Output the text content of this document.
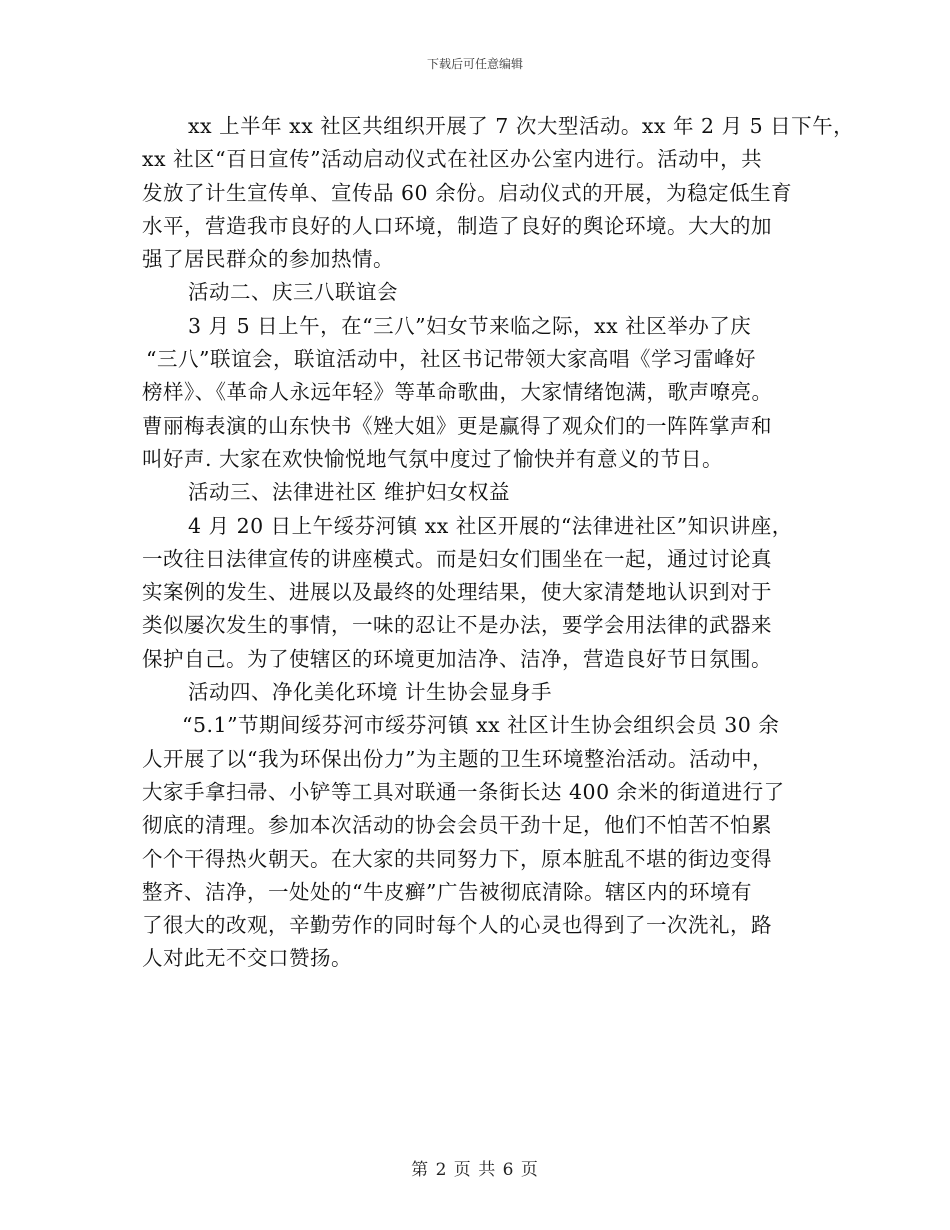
下载后可任意编辑
xx 上半年 xx 社区共组织开展了 7 次大型活动。xx 年 2 月 5 日下午，
xx 社区“百日宣传”活动启动仪式在社区办公室内进行。活动中，共
发放了计生宣传单、宣传品 60 余份。启动仪式的开展，为稳定低生育
水平，营造我市良好的人口环境，制造了良好的舆论环境。大大的加
强了居民群众的参加热情。
活动二、庆三八联谊会
3 月 5 日上午，在“三八”妇女节来临之际，xx 社区举办了庆
“三八”联谊会，联谊活动中，社区书记带领大家高唱《学习雷峰好
榜样》、《革命人永远年轻》等革命歌曲，大家情绪饱满，歌声嘹亮。
曹丽梅表演的山东快书《矬大姐》更是赢得了观众们的一阵阵掌声和
叫好声. 大家在欢快愉悦地气氛中度过了愉快并有意义的节日。
活动三、法律进社区 维护妇女权益
4 月 20 日上午绥芬河镇 xx 社区开展的“法律进社区”知识讲座，
一改往日法律宣传的讲座模式。而是妇女们围坐在一起，通过讨论真
实案例的发生、进展以及最终的处理结果，使大家清楚地认识到对于
类似屡次发生的事情，一味的忍让不是办法，要学会用法律的武器来
保护自己。为了使辖区的环境更加洁净、洁净，营造良好节日氛围。
活动四、净化美化环境 计生协会显身手
“5.1”节期间绥芬河市绥芬河镇 xx 社区计生协会组织会员 30 余
人开展了以“我为环保出份力”为主题的卫生环境整治活动。活动中，
大家手拿扫帚、小铲等工具对联通一条街长达 400 余米的街道进行了
彻底的清理。参加本次活动的协会会员干劲十足，他们不怕苦不怕累
个个干得热火朝天。在大家的共同努力下，原本脏乱不堪的街边变得
整齐、洁净，一处处的“牛皮癣”广告被彻底清除。辖区内的环境有
了很大的改观，辛勤劳作的同时每个人的心灵也得到了一次洗礼，路
人对此无不交口赞扬。
第 2 页 共 6 页
